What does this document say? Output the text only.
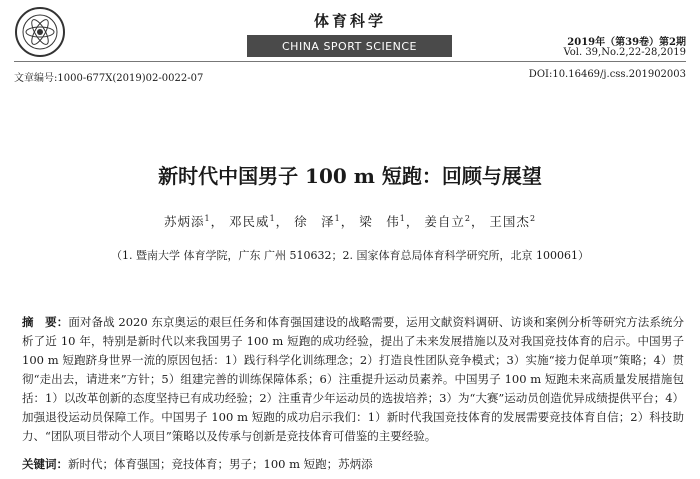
体育科学
CHINA SPORT SCIENCE	2019年（第39卷）第2期
Vol. 39,No.2,22-28,2019
文章编号:1000-677X(2019)02-0022-07	DOI:10.16469/j.css.201902003
新时代中国男子 100 m 短跑：回顾与展望
苏炳添$^1$， 邓民威$^1$， 徐　泽$^1$， 梁　伟$^1$， 姜自立$^2$， 王国杰$^2$
（1. 暨南大学 体育学院，广东 广州 510632；2. 国家体育总局体育科学研究所，北京 100061）
摘　要：面对备战 2020 东京奥运的艰巨任务和体育强国建设的战略需要，运用文献资料调研、访谈和案例分析等研究方法系统分析了近 10 年，特别是新时代以来我国男子 100 m 短跑的成功经验，提出了未来发展措施以及对我国竞技体育的启示。中国男子 100 m 短跑跻身世界一流的原因包括：1）践行科学化训练理念；2）打造良性团队竞争模式；3）实施“接力促单项”策略；4）贯彻“走出去，请进来”方针；5）组建完善的训练保障体系；6）注重提升运动员素养。中国男子 100 m 短跑未来高质量发展措施包括：1）以改革创新的态度坚持已有成功经验；2）注重青少年运动员的选拔培养；3）为“大赛”运动员创造优异成绩提供平台；4）加强退役运动员保障工作。中国男子 100 m 短跑的成功启示我们：1）新时代我国竞技体育的发展需要竞技体育自信；2）科技助力、“团队项目带动个人项目”策略以及传承与创新是竞技体育可借鉴的主要经验。
关键词：新时代；体育强国；竞技体育；男子；100 m 短跑；苏炳添
